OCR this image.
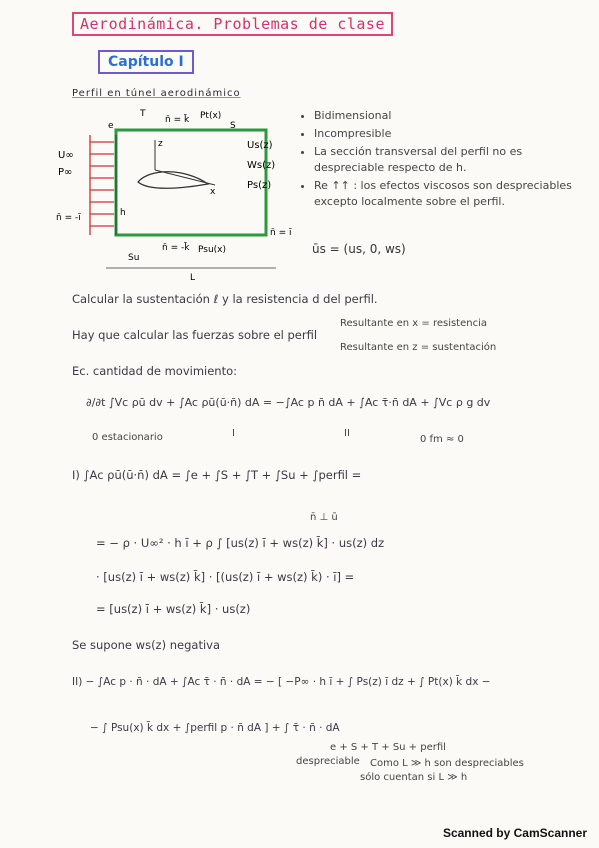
Aerodinámica. Problemas de clase
Capítulo I
Perfil en túnel aerodinámico
T
n̄ = k̄ Pt(x)
S
e
U∞
P∞
n̄ = -ī	h
z
x
Us(z)
Ws(z)
Ps(z)
n̄ = ī
n̄ = -k̄
Su
Psu(x)
L
• Bidimensional
• Incompresible
• La sección transversal del perfil no es despreciable respecto de h.
• Re ↑↑ : los efectos viscosos son despreciables excepto localmente sobre el perfil.
ūs = (us, 0, ws)
Calcular la sustentación ℓ y la resistencia d del perfil.
Hay que calcular las fuerzas sobre el perfil
Resultante en x = resistencia
Resultante en z = sustentación
Ec. cantidad de movimiento:
∂/∂t ∫Vc ρū dv + ∫Ac ρū(ū·n̄) dA = −∫Ac p n̄ dA + ∫Ac τ̄·n̄ dA + ∫Vc ρ g dv
0 estacionario	I	II
0 fm ≈ 0
I) ∫Ac ρū(ū·n̄) dA = ∫e + ∫S + ∫T + ∫Su + ∫perfil =
n̄ ⊥ ū
= − ρ · U∞² · h ī + ρ ∫ [us(z) ī + ws(z) k̄] · us(z) dz
· [us(z) ī + ws(z) k̄] · [(us(z) ī + ws(z) k̄) · ī] =
= [us(z) ī + ws(z) k̄] · us(z)
Se supone ws(z) negativa
II) − ∫Ac p · n̄ · dA + ∫Ac τ̄ · n̄ · dA = − [ −P∞ · h ī + ∫ Ps(z) ī dz + ∫ Pt(x) k̄ dx −
− ∫ Psu(x) k̄ dx + ∫perfil p · n̄ dA ] + ∫ τ̄ · n̄ · dA
e + S + T + Su + perfil
despreciable Como L ≫ h son despreciables
sólo cuentan si L ≫ h
Scanned by CamScanner
